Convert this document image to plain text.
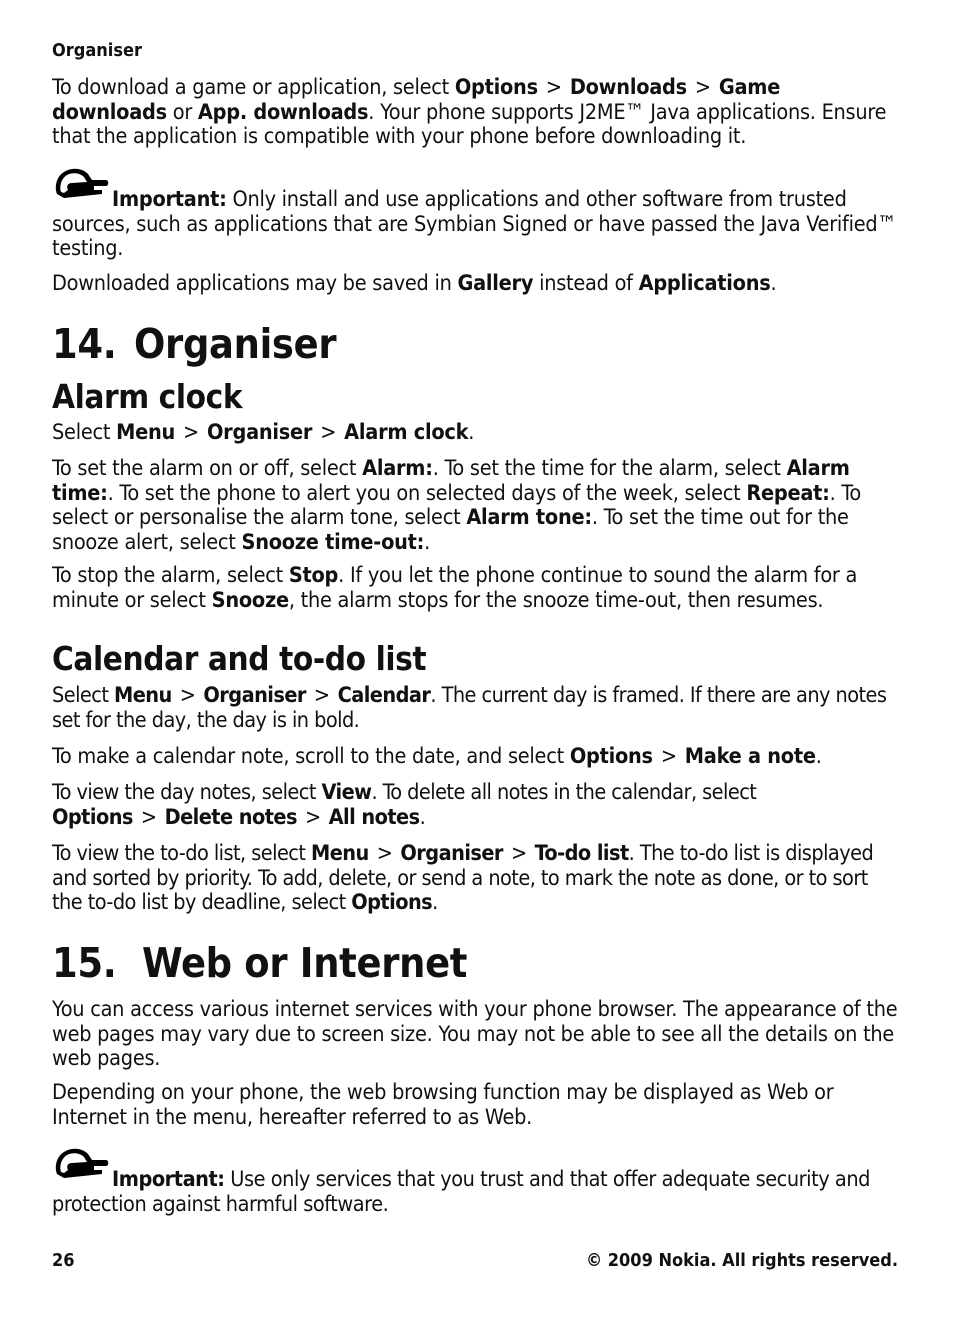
Organiser

To download a game or application, select Options > Downloads > Game downloads or App. downloads. Your phone supports J2ME™ Java applications. Ensure that the application is compatible with your phone before downloading it.

Important: Only install and use applications and other software from trusted sources, such as applications that are Symbian Signed or have passed the Java Verified™ testing.

Downloaded applications may be saved in Gallery instead of Applications.

14. Organiser
Alarm clock

Select Menu > Organiser > Alarm clock.

To set the alarm on or off, select Alarm:. To set the time for the alarm, select Alarm time:. To set the phone to alert you on selected days of the week, select Repeat:. To select or personalise the alarm tone, select Alarm tone:. To set the time out for the snooze alert, select Snooze time-out:.

To stop the alarm, select Stop. If you let the phone continue to sound the alarm for a minute or select Snooze, the alarm stops for the snooze time-out, then resumes.

Calendar and to-do list

Select Menu > Organiser > Calendar. The current day is framed. If there are any notes set for the day, the day is in bold.

To make a calendar note, scroll to the date, and select Options > Make a note.

To view the day notes, select View. To delete all notes in the calendar, select Options > Delete notes > All notes.

To view the to-do list, select Menu > Organiser > To-do list. The to-do list is displayed and sorted by priority. To add, delete, or send a note, to mark the note as done, or to sort the to-do list by deadline, select Options.

15. Web or Internet

You can access various internet services with your phone browser. The appearance of the web pages may vary due to screen size. You may not be able to see all the details on the web pages.

Depending on your phone, the web browsing function may be displayed as Web or Internet in the menu, hereafter referred to as Web.

Important: Use only services that you trust and that offer adequate security and protection against harmful software.

26	© 2009 Nokia. All rights reserved.
